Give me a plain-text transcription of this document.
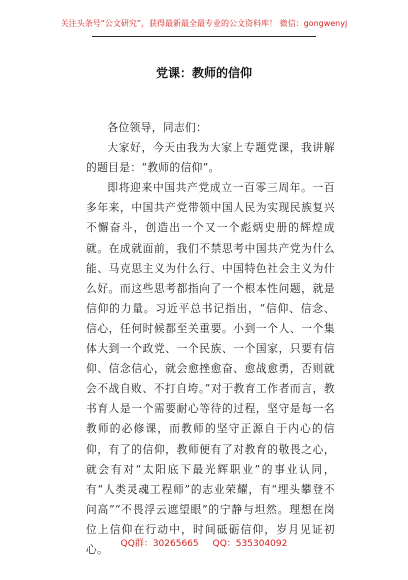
关注头条号“公文研究”，获得最新最全最专业的公文资料库！ 微信：gongwenyj
党课：教师的信仰

各位领导，同志们：

大家好，今天由我为大家上专题党课，我讲解的题目是：“教师的信仰”。

即将迎来中国共产党成立一百零三周年。一百多年来，中国共产党带领中国人民为实现民族复兴不懈奋斗，创造出一个又一个彪炳史册的辉煌成就。在成就面前，我们不禁思考中国共产党为什么能、马克思主义为什么行、中国特色社会主义为什么好。而这些思考都指向了一个根本性问题，就是信仰的力量。习近平总书记指出，“信仰、信念、信心，任何时候都至关重要。小到一个人、一个集体大到一个政党、一个民族、一个国家，只要有信仰、信念信心，就会愈挫愈奋、愈战愈勇，否则就会不战自败、不打自垮。”对于教育工作者而言，教书育人是一个需要耐心等待的过程，坚守是每一名教师的必修课，而教师的坚守正源自于内心的信仰，有了的信仰，教师便有了对教育的敬畏之心，就会有对“太阳底下最光辉职业”的事业认同，有“人类灵魂工程师”的志业荣耀，有“埋头攀登不问高”“不畏浮云遮望眼”的宁静与坦然。理想在岗位上信仰在行动中，时间砥砺信仰，岁月见证初心。	QQ群：30265665 QQ：535304092
